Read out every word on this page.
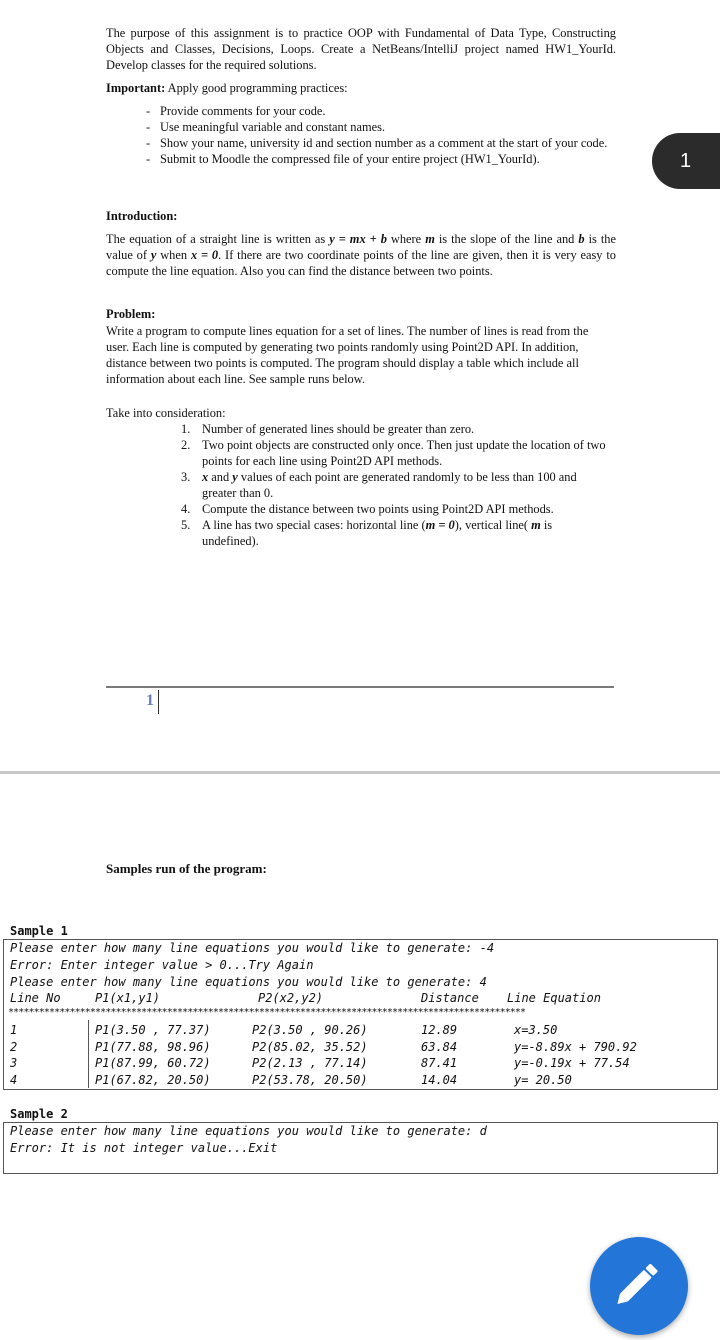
The purpose of this assignment is to practice OOP with Fundamental of Data Type, Constructing Objects and Classes, Decisions, Loops. Create a NetBeans/IntelliJ project named HW1_YourId. Develop classes for the required solutions.
Important: Apply good programming practices:
- Provide comments for your code.
- Use meaningful variable and constant names.
- Show your name, university id and section number as a comment at the start of your code.
- Submit to Moodle the compressed file of your entire project (HW1_YourId).	1
Introduction:
The equation of a straight line is written as y = mx + b where m is the slope of the line and b is the value of y when x = 0. If there are two coordinate points of the line are given, then it is very easy to compute the line equation. Also you can find the distance between two points.
Problem:
Write a program to compute lines equation for a set of lines. The number of lines is read from the user. Each line is computed by generating two points randomly using Point2D API. In addition, distance between two points is computed. The program should display a table which include all information about each line. See sample runs below.
Take into consideration:
1. Number of generated lines should be greater than zero.
2. Two point objects are constructed only once. Then just update the location of two points for each line using Point2D API methods.
3. x and y values of each point are generated randomly to be less than 100 and greater than 0.
4. Compute the distance between two points using Point2D API methods.
5. A line has two special cases: horizontal line (m = 0), vertical line( m is undefined).
1
Samples run of the program:
Sample 1
Please enter how many line equations you would like to generate: -4
Error: Enter integer value > 0...Try Again
Please enter how many line equations you would like to generate: 4
Line No	P1(x1,y1)	P2(x2,y2)	Distance Line Equation
*****************************************************************************************************
1	P1(3.50 , 77.37)	P2(3.50 , 90.26)	12.89	x=3.50
2	P1(77.88, 98.96)	P2(85.02, 35.52)	63.84	y=-8.89x + 790.92
3	P1(87.99, 60.72)	P2(2.13 , 77.14)	87.41	y=-0.19x + 77.54
4	P1(67.82, 20.50)	P2(53.78, 20.50)	14.04	y= 20.50
Sample 2
Please enter how many line equations you would like to generate: d
Error: It is not integer value...Exit
